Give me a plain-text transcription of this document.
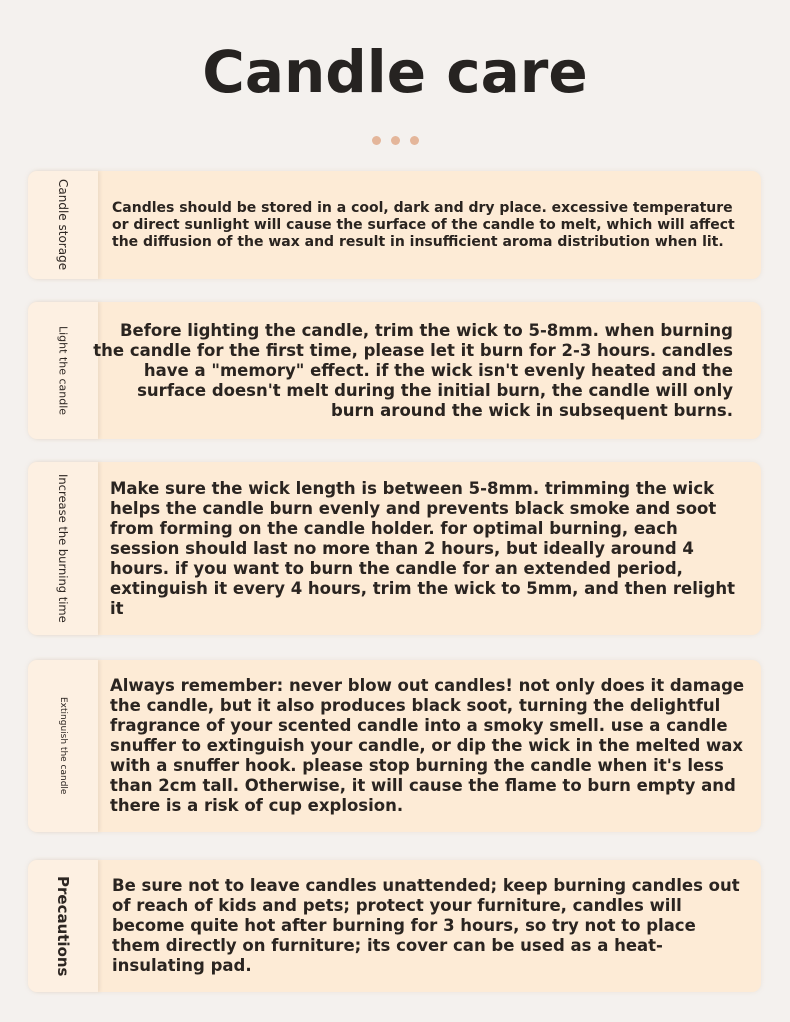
Candle care
Candle storage	Candles should be stored in a cool, dark and dry place. excessive temperature or direct sunlight will cause the surface of the candle to melt, which will affect the diffusion of the wax and result in insufficient aroma distribution when lit.

Light the candle	Before lighting the candle, trim the wick to 5-8mm. when burning the candle for the first time, please let it burn for 2-3 hours. candles have a "memory" effect. if the wick isn't evenly heated and the surface doesn't melt during the initial burn, the candle will only burn around the wick in subsequent burns.

Increase the burning time Make sure the wick length is between 5-8mm. trimming the wick helps the candle burn evenly and prevents black smoke and soot from forming on the candle holder. for optimal burning, each session should last no more than 2 hours, but ideally around 4 hours. if you want to burn the candle for an extended period, extinguish it every 4 hours, trim the wick to 5mm, and then relight it

Extinguish the candle

Always remember: never blow out candles! not only does it damage the candle, but it also produces black soot, turning the delightful fragrance of your scented candle into a smoky smell. use a candle snuffer to extinguish your candle, or dip the wick in the melted wax with a snuffer hook. please stop burning the candle when it's less than 2cm tall. Otherwise, it will cause the flame to burn empty and there is a risk of cup explosion.

Precautions Be sure not to leave candles unattended; keep burning candles out of reach of kids and pets; protect your furniture, candles will become quite hot after burning for 3 hours, so try not to place them directly on furniture; its cover can be used as a heat-insulating pad.
